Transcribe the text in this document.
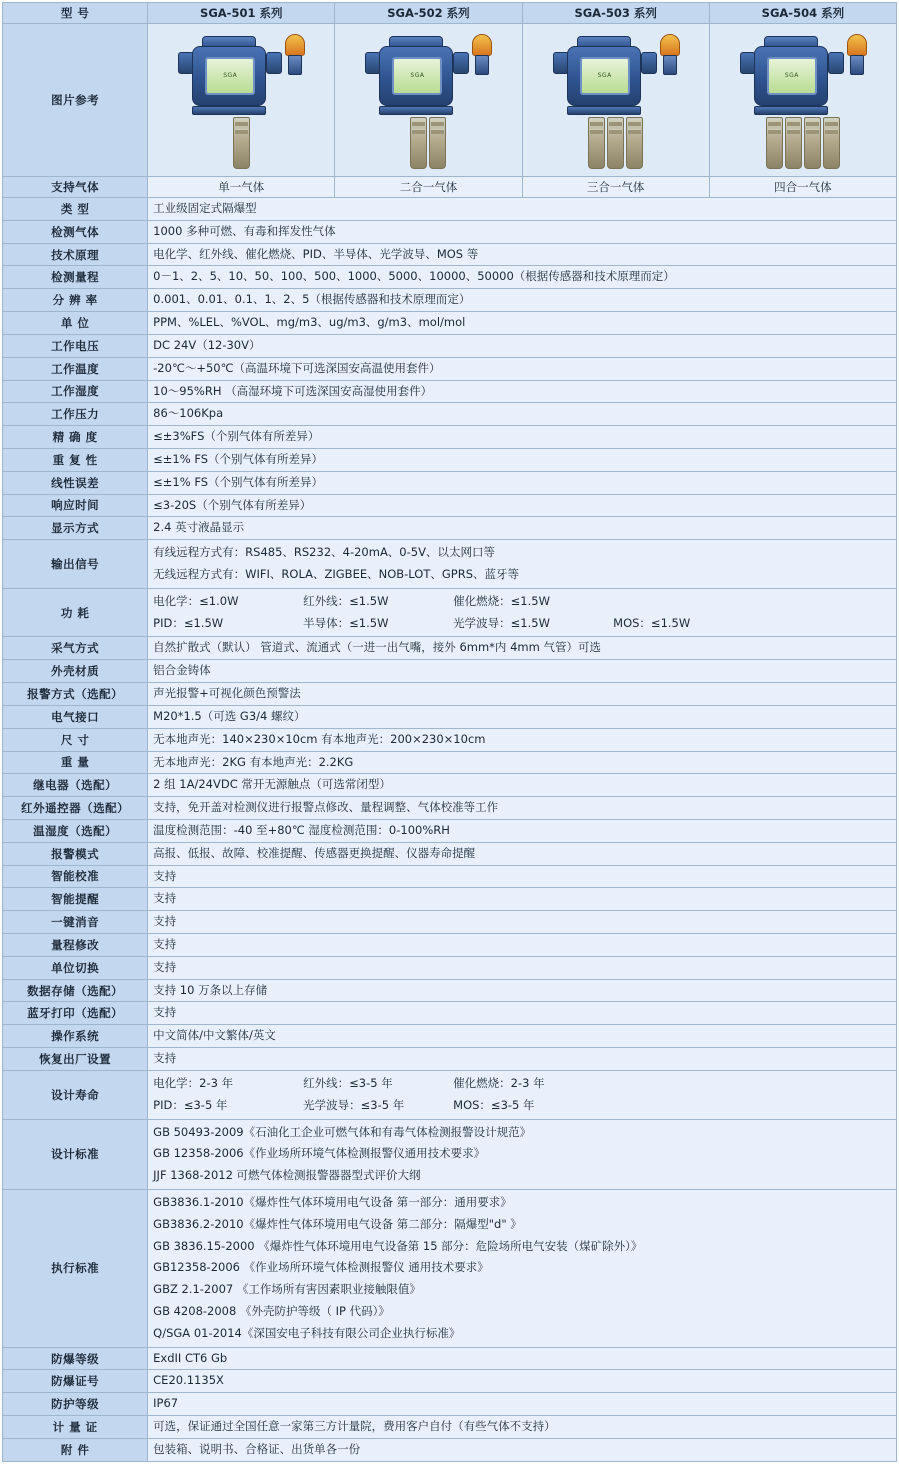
型 号	SGA-501 系列	SGA-502 系列	SGA-503 系列	SGA-504 系列
图片参考	SGA	SGA	SGA	SGA

支持气体	单一气体	二合一气体	三合一气体	四合一气体
类 型	工业级固定式隔爆型			
检测气体	1000 多种可燃、有毒和挥发性气体			
技术原理	电化学、红外线、催化燃烧、PID、半导体、光学波导、MOS 等			
检测量程	0－1、2、5、10、50、100、500、1000、5000、10000、50000（根据传感器和技术原理而定）			
分 辨 率	0.001、0.01、0.1、1、2、5（根据传感器和技术原理而定）			
单 位	PPM、%LEL、%VOL、mg/m3、ug/m3、g/m3、mol/mol			
工作电压	DC 24V（12-30V）			
工作温度	-20℃～+50℃（高温环境下可选深国安高温使用套件）			
工作湿度	10～95%RH （高湿环境下可选深国安高湿使用套件）			
工作压力	86～106Kpa			
精 确 度	≤±3%FS（个别气体有所差异）			
重 复 性	≤±1% FS（个别气体有所差异）			
线性误差	≤±1% FS（个别气体有所差异）			
响应时间	≤3-20S（个别气体有所差异）			
显示方式	2.4 英寸液晶显示			
输出信号	有线远程方式有：RS485、RS232、4-20mA、0-5V、以太网口等
无线远程方式有：WIFI、ROLA、ZIGBEE、NOB-LOT、GPRS、蓝牙等			

功 耗	
电化学：≤1.0W	红外线：≤1.5W	催化燃烧：≤1.5W
PID：≤1.5W	半导体：≤1.5W	光学波导：≤1.5W	MOS：≤1.5W

采气方式	自然扩散式（默认） 管道式、流通式（一进一出气嘴，接外 6mm*内 4mm 气管）可选			
外壳材质	铝合金铸体			
报警方式（选配）	声光报警+可视化颜色预警法			
电气接口	M20*1.5（可选 G3/4 螺纹）			
尺 寸	无本地声光：140×230×10cm 有本地声光：200×230×10cm			
重 量	无本地声光：2KG 有本地声光：2.2KG			
继电器（选配）	2 组 1A/24VDC 常开无源触点（可选常闭型）			
红外遥控器（选配）	支持，免开盖对检测仪进行报警点修改、量程调整、气体校准等工作			
温湿度（选配）	温度检测范围：-40 至+80℃ 湿度检测范围：0-100%RH			
报警模式	高报、低报、故障、校准提醒、传感器更换提醒、仪器寿命提醒			
智能校准	支持			
智能提醒	支持			
一键消音	支持			
量程修改	支持			
单位切换	支持			
数据存储（选配）	支持 10 万条以上存储			
蓝牙打印（选配）	支持			
操作系统	中文简体/中文繁体/英文			
恢复出厂设置	支持			
设计寿命	
电化学：2-3 年	红外线：≤3-5 年	催化燃烧：2-3 年
PID：≤3-5 年	光学波导：≤3-5 年	MOS：≤3-5 年

设计标准	GB 50493-2009《石油化工企业可燃气体和有毒气体检测报警设计规范》
GB 12358-2006《作业场所环境气体检测报警仪通用技术要求》
JJF 1368-2012 可燃气体检测报警器器型式评价大纲			

执行标准	
GB3836.1-2010《爆炸性气体环境用电气设备 第一部分：通用要求》
GB3836.2-2010《爆炸性气体环境用电气设备 第二部分：隔爆型"d" 》
GB 3836.15-2000 《爆炸性气体环境用电气设备第 15 部分：危险场所电气安装（煤矿除外）》
GB12358-2006 《作业场所环境气体检测报警仪 通用技术要求》
GBZ 2.1-2007 《工作场所有害因素职业接触限值》
GB 4208-2008 《外壳防护等级（ IP 代码）》
Q/SGA 01-2014《深国安电子科技有限公司企业执行标准》

防爆等级	ExdII CT6 Gb			
防爆证号	CE20.1135X			
防护等级	IP67			
计 量 证	可选，保证通过全国任意一家第三方计量院，费用客户自付（有些气体不支持）			
附 件	包装箱、说明书、合格证、出货单各一份			
